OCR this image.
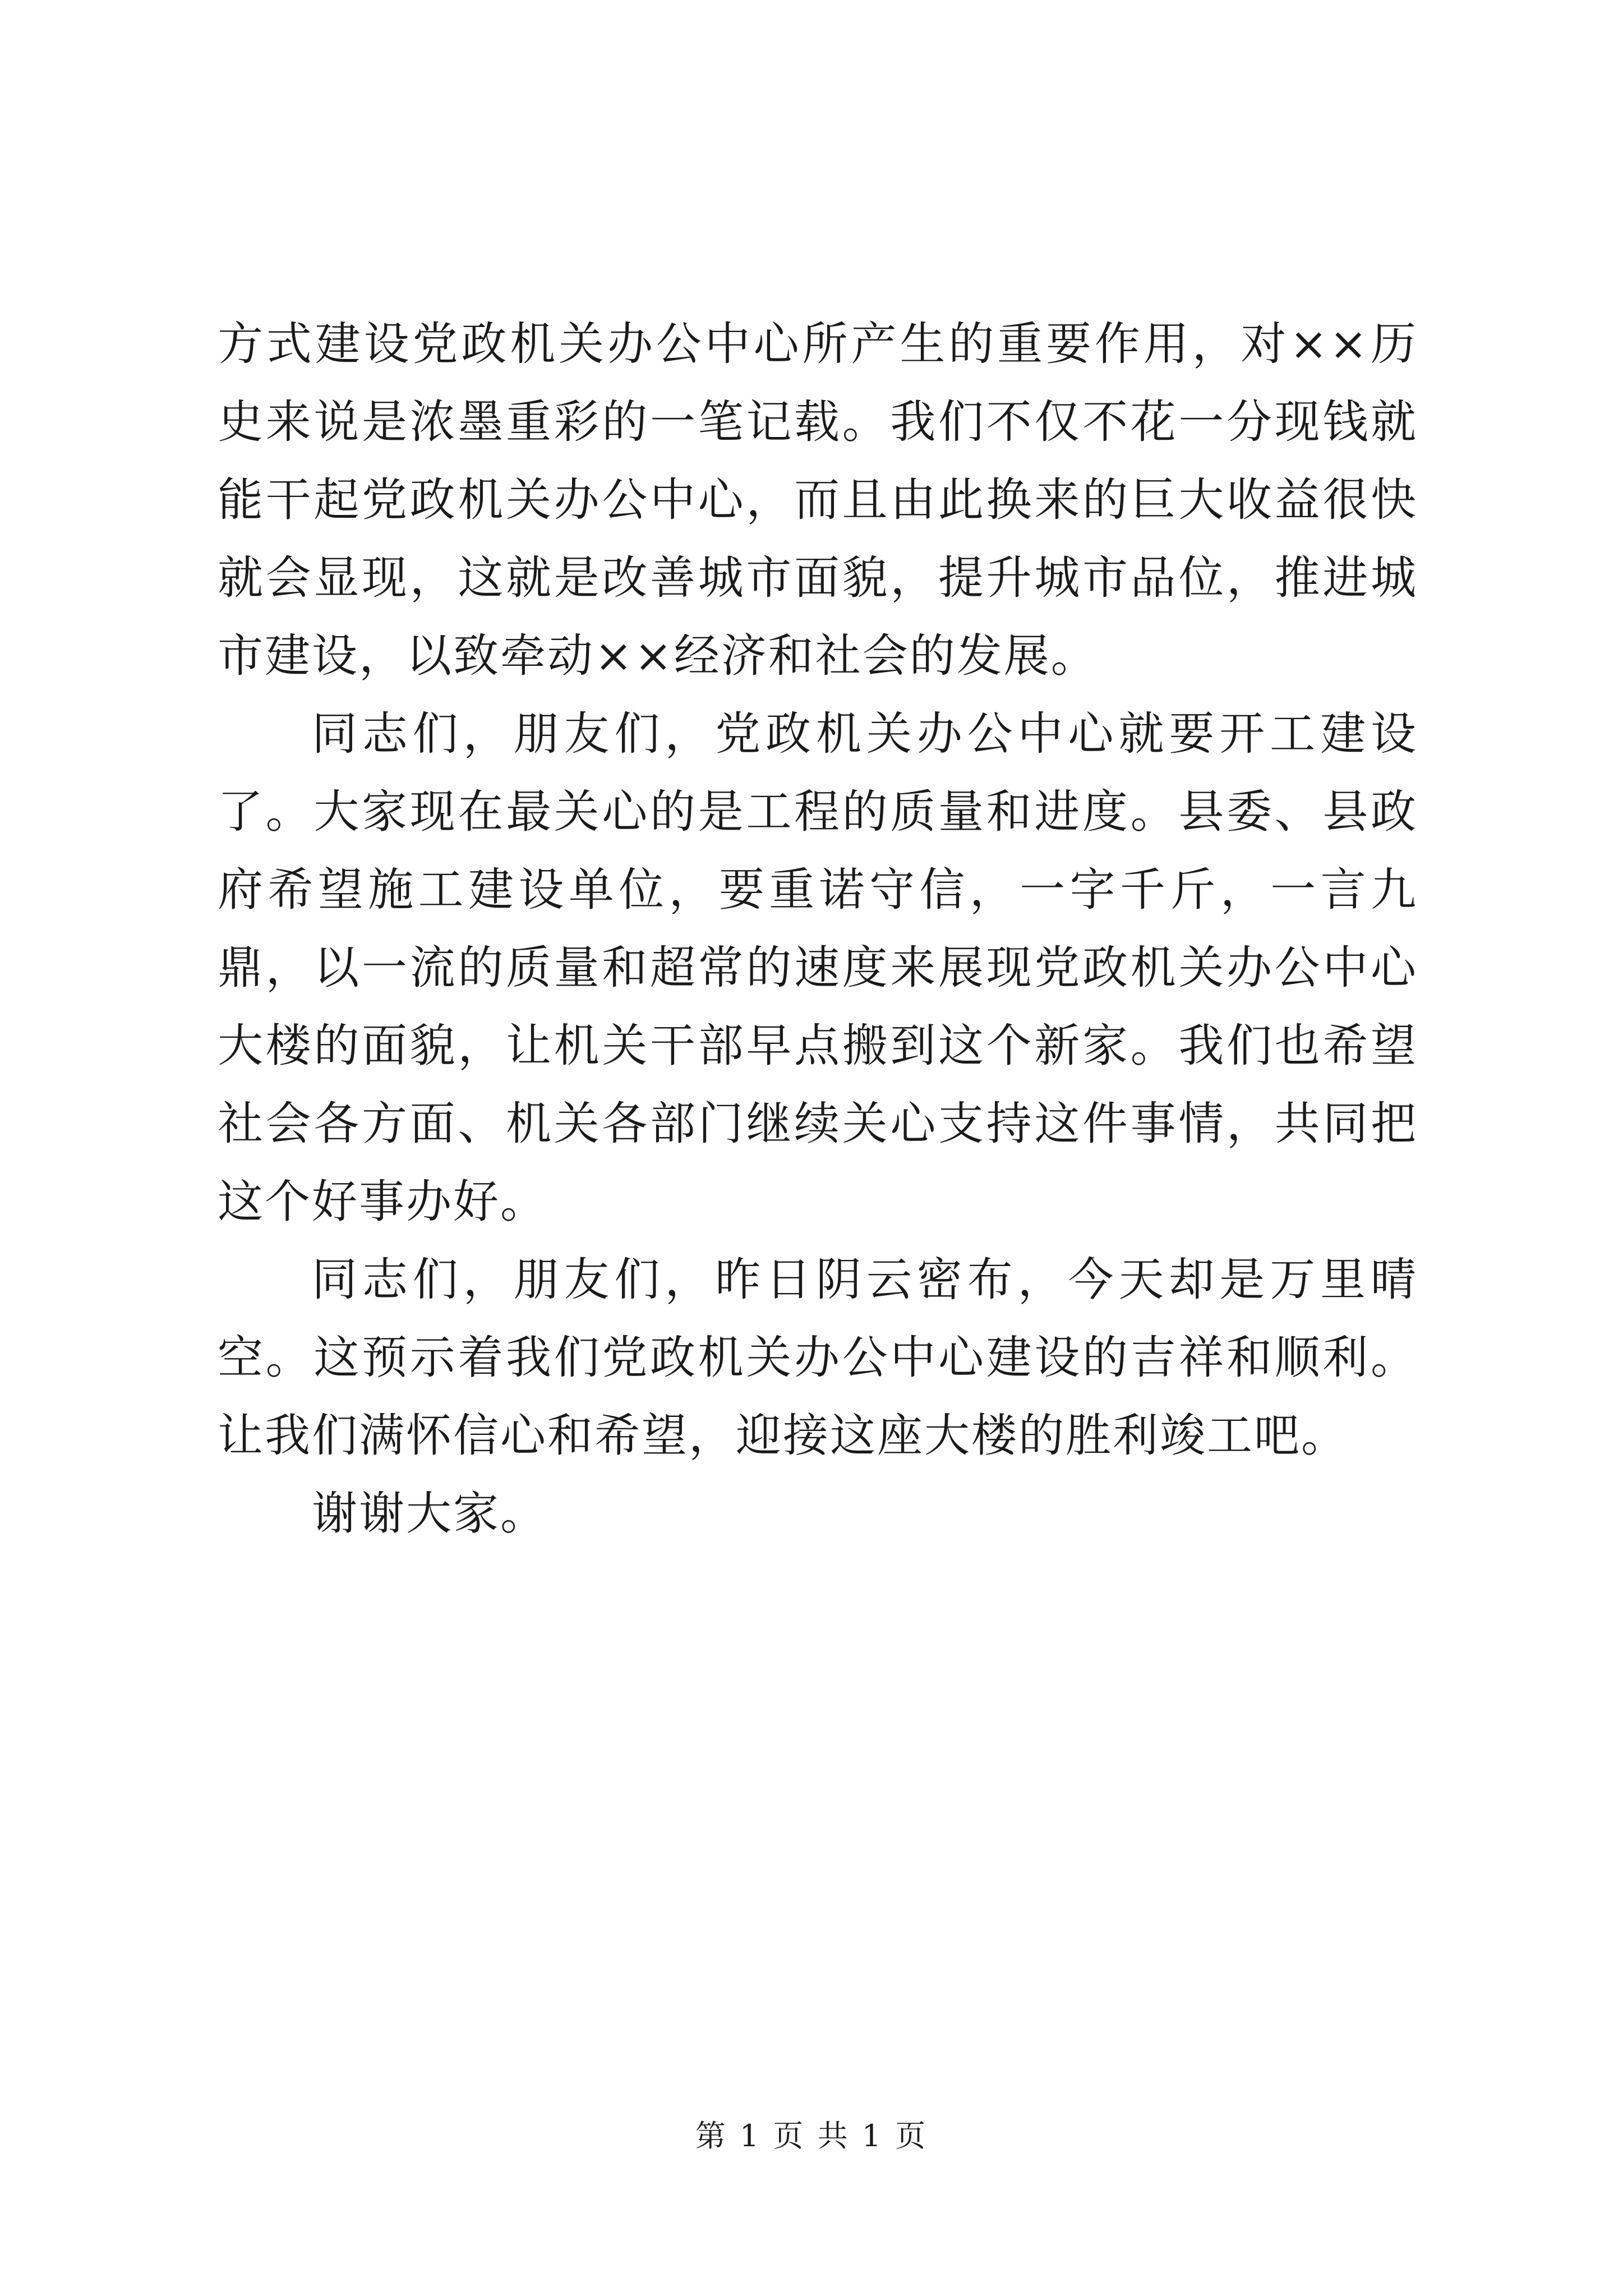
方式建设党政机关办公中心所产生的重要作用，对××历史来说是浓墨重彩的一笔记载。我们不仅不花一分现钱就能干起党政机关办公中心，而且由此换来的巨大收益很快就会显现，这就是改善城市面貌，提升城市品位，推进城市建设，以致牵动××经济和社会的发展。

同志们，朋友们，党政机关办公中心就要开工建设了。大家现在最关心的是工程的质量和进度。县委、县政府希望施工建设单位，要重诺守信，一字千斤，一言九鼎，以一流的质量和超常的速度来展现党政机关办公中心大楼的面貌，让机关干部早点搬到这个新家。我们也希望社会各方面、机关各部门继续关心支持这件事情，共同把这个好事办好。

同志们，朋友们，昨日阴云密布，今天却是万里晴空。这预示着我们党政机关办公中心建设的吉祥和顺利。让我们满怀信心和希望，迎接这座大楼的胜利竣工吧。

谢谢大家。

第 1 页 共 1 页
